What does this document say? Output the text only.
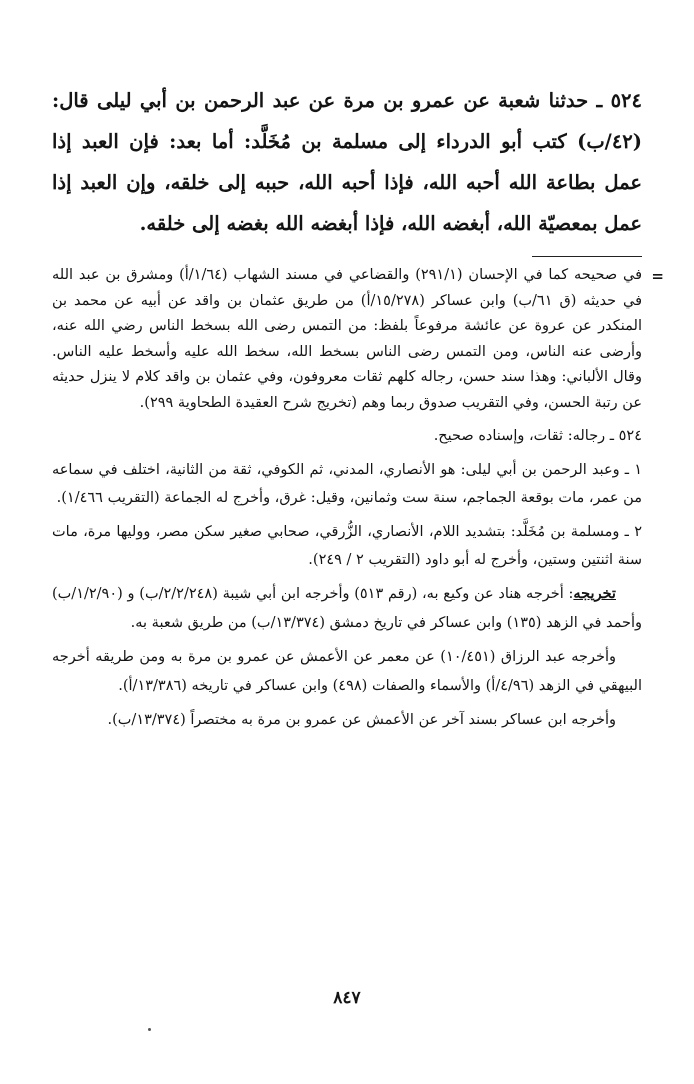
٥٢٤ ـ حدثنا شعبة عن عمرو بن مرة عن عبد الرحمن بن أبي ليلى قال: (٤٢/ب) كتب أبو الدرداء إلى مسلمة بن مُخَلَّد: أما بعد: فإن العبد إذا عمل بطاعة الله أحبه الله، فإذا أحبه الله، حببه إلى خلقه، وإن العبد إذا عمل بمعصيّة الله، أبغضه الله، فإذا أبغضه الله بغضه إلى خلقه.

=

في صحيحه كما في الإحسان (٢٩١/١) والقضاعي في مسند الشهاب (١/٦٤/أ) ومشرق بن عبد الله في حديثه (ق ٦١/ب) وابن عساكر (١٥/٢٧٨/أ) من طريق عثمان بن واقد عن أبيه عن محمد بن المنكدر عن عروة عن عائشة مرفوعاً بلفظ: من التمس رضى الله بسخط الناس رضي الله عنه، وأرضى عنه الناس، ومن التمس رضى الناس بسخط الله، سخط الله عليه وأسخط عليه الناس. وقال الألباني: وهذا سند حسن، رجاله كلهم ثقات معروفون، وفي عثمان بن واقد كلام لا ينزل حديثه عن رتبة الحسن، وفي التقريب صدوق ربما وهم (تخريج شرح العقيدة الطحاوية ٢٩٩).

٥٢٤ ـ رجاله: ثقات، وإسناده صحيح.

١ ـ وعبد الرحمن بن أبي ليلى: هو الأنصاري، المدني، ثم الكوفي، ثقة من الثانية، اختلف في سماعه من عمر، مات بوقعة الجماجم، سنة ست وثمانين، وقيل: غرق، وأخرج له الجماعة (التقريب ١/٤٦٦).

٢ ـ ومسلمة بن مُخَلَّد: بتشديد اللام، الأنصاري، الزُّرقي، صحابي صغير سكن مصر، ووليها مرة، مات سنة اثنتين وستين، وأخرج له أبو داود (التقريب ٢ / ٢٤٩).

تخريجه: أخرجه هناد عن وكيع به، (رقم ٥١٣) وأخرجه ابن أبي شيبة (٢/٢/٢٤٨/ب) و (١/٢/٩٠/ب) وأحمد في الزهد (١٣٥) وابن عساكر في تاريخ دمشق (١٣/٣٧٤/ب) من طريق شعبة به.

وأخرجه عبد الرزاق (١٠/٤٥١) عن معمر عن الأعمش عن عمرو بن مرة به ومن طريقه أخرجه البيهقي في الزهد (٤/٩٦/أ) والأسماء والصفات (٤٩٨) وابن عساكر في تاريخه (١٣/٣٨٦/أ).

وأخرجه ابن عساكر بسند آخر عن الأعمش عن عمرو بن مرة به مختصراً (١٣/٣٧٤/ب).

٨٤٧
